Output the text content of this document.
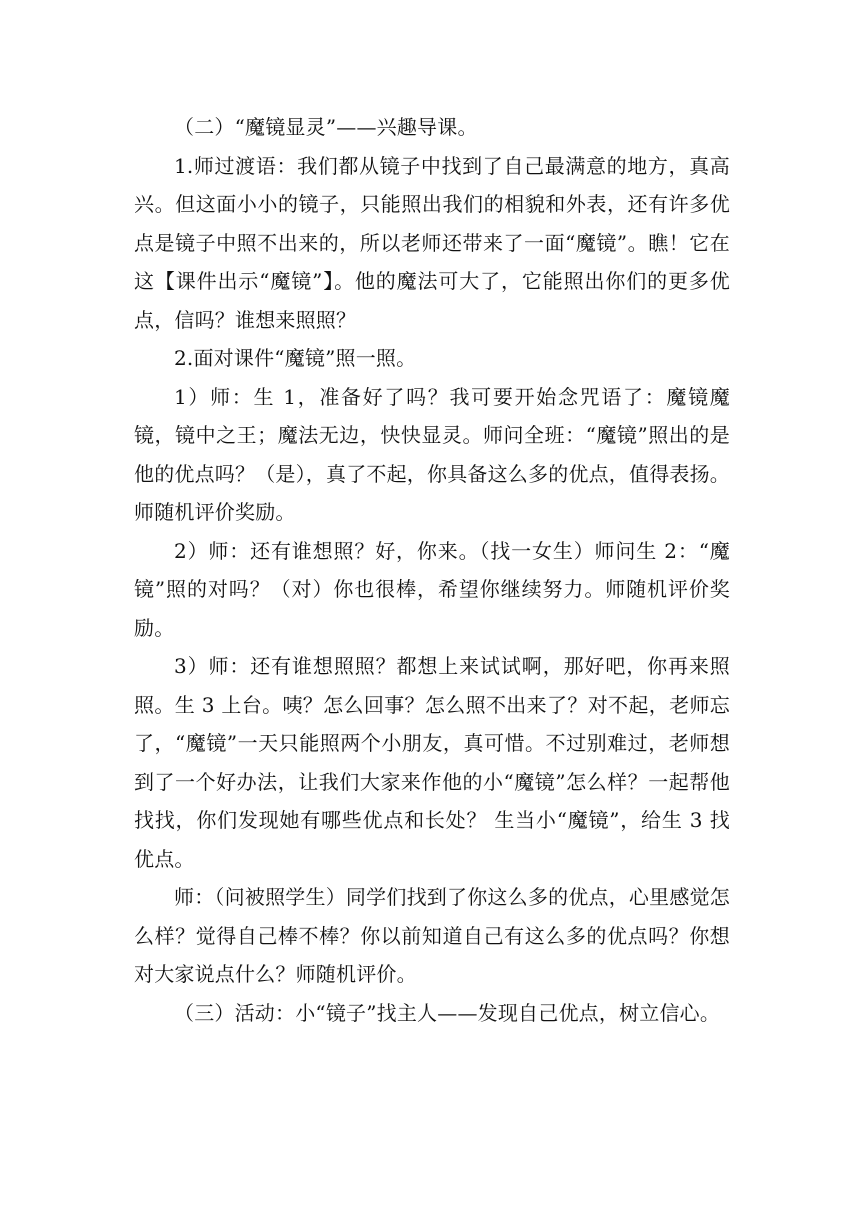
（二）“魔镜显灵”——兴趣导课。

1.师过渡语：我们都从镜子中找到了自己最满意的地方，真高兴。但这面小小的镜子，只能照出我们的相貌和外表，还有许多优点是镜子中照不出来的，所以老师还带来了一面“魔镜”。瞧！它在这【课件出示“魔镜”】。他的魔法可大了，它能照出你们的更多优点，信吗？谁想来照照？

2.面对课件“魔镜”照一照。

1）师：生 1，准备好了吗？我可要开始念咒语了：魔镜魔镜，镜中之王；魔法无边，快快显灵。师问全班：“魔镜”照出的是他的优点吗？（是），真了不起，你具备这么多的优点，值得表扬。师随机评价奖励。

2）师：还有谁想照？好，你来。（找一女生）师问生 2：“魔镜”照的对吗？（对）你也很棒，希望你继续努力。师随机评价奖励。

3）师：还有谁想照照？都想上来试试啊，那好吧，你再来照照。生 3 上台。咦？怎么回事？怎么照不出来了？对不起，老师忘了，“魔镜”一天只能照两个小朋友，真可惜。不过别难过，老师想到了一个好办法，让我们大家来作他的小“魔镜”怎么样？一起帮他找找，你们发现她有哪些优点和长处？ 生当小“魔镜”，给生 3 找优点。

师：（问被照学生）同学们找到了你这么多的优点，心里感觉怎么样？觉得自己棒不棒？你以前知道自己有这么多的优点吗？你想对大家说点什么？师随机评价。

（三）活动：小“镜子”找主人——发现自己优点，树立信心。
